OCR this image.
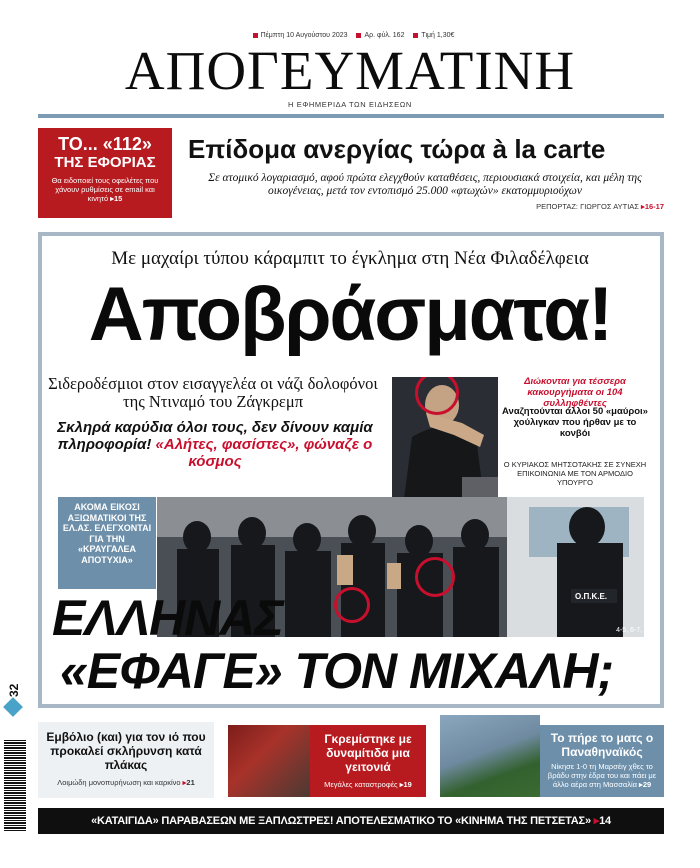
Πέμπτη 10 Αυγούστου 2023 Αρ. φύλ. 162 Τιμή 1,30€
ΑΠΟΓΕΥΜΑΤΙΝΗ
Η ΕΦΗΜΕΡΙΔΑ ΤΩΝ ΕΙΔΗΣΕΩΝ
ΤΟ... «112»
ΤΗΣ ΕΦΟΡΙΑΣ
Θα ειδοποιεί τους οφειλέτες που χάνουν ρυθμίσεις σε email και κινητό ▸15
Επίδομα ανεργίας τώρα à la carte
Σε ατομικό λογαριασμό, αφού πρώτα ελεγχθούν καταθέσεις, περιουσιακά στοιχεία, και μέλη της οικογένειας, μετά τον εντοπισμό 25.000 «φτωχών» εκατομμυριούχων
ΡΕΠΟΡΤΑΖ: ΓΙΩΡΓΟΣ ΑΥΤΙΑΣ ▸16-17
Με μαχαίρι τύπου κάραμπιτ το έγκλημα στη Νέα Φιλαδέλφεια
Αποβράσματα!
Σιδεροδέσμιοι στον εισαγγελέα οι νάζι δολοφόνοι της Ντιναμό του Ζάγκρεμπ
Σκληρά καρύδια όλοι τους, δεν δίνουν καμία πληροφορία! «Αλήτες, φασίστες», φώναζε ο κόσμος
Διώκονται για τέσσερα κακουργήματα οι 104 συλληφθέντες
Αναζητούνται άλλοι 50 «μαύροι» χούλιγκαν που ήρθαν με το κονβόι
Ο ΚΥΡΙΑΚΟΣ ΜΗΤΣΟΤΑΚΗΣ ΣΕ ΣΥΝΕΧΗ ΕΠΙΚΟΙΝΩΝΙΑ ΜΕ ΤΟΝ ΑΡΜΟΔΙΟ ΥΠΟΥΡΓΟ
ΑΚΟΜΑ ΕΙΚΟΣΙ ΑΞΙΩΜΑΤΙΚΟΙ ΤΗΣ ΕΛ.ΑΣ. ΕΛΕΓΧΟΝΤΑΙ ΓΙΑ ΤΗΝ «ΚΡΑΥΓΑΛΕΑ ΑΠΟΤΥΧΙΑ»
Ο.Π.Κ.Ε.
4-5, 6-7, 8
ΕΛΛΗΝΑΣ
«ΕΦΑΓΕ» ΤΟΝ ΜΙΧΑΛΗ;
32
Εμβόλιο (και) για τον ιό που προκαλεί σκλήρυνση κατά πλάκας
Λοιμώδη μονοπυρήνωση και καρκίνο ▸21
Γκρεμίστηκε με δυναμίτιδα μια γειτονιά
Μεγάλες καταστροφές ▸19
Το πήρε το ματς ο Παναθηναϊκός
Νίκησε 1-0 τη Μαρσέιγ χθες το βράδυ στην έδρα του και πάει με άλλο αέρα στη Μασσαλία ▸29
«ΚΑΤΑΙΓΙΔΑ» ΠΑΡΑΒΑΣΕΩΝ ΜΕ ΞΑΠΛΩΣΤΡΕΣ! ΑΠΟΤΕΛΕΣΜΑΤΙΚΟ ΤΟ «ΚΙΝΗΜΑ ΤΗΣ ΠΕΤΣΕΤΑΣ» ▸14
